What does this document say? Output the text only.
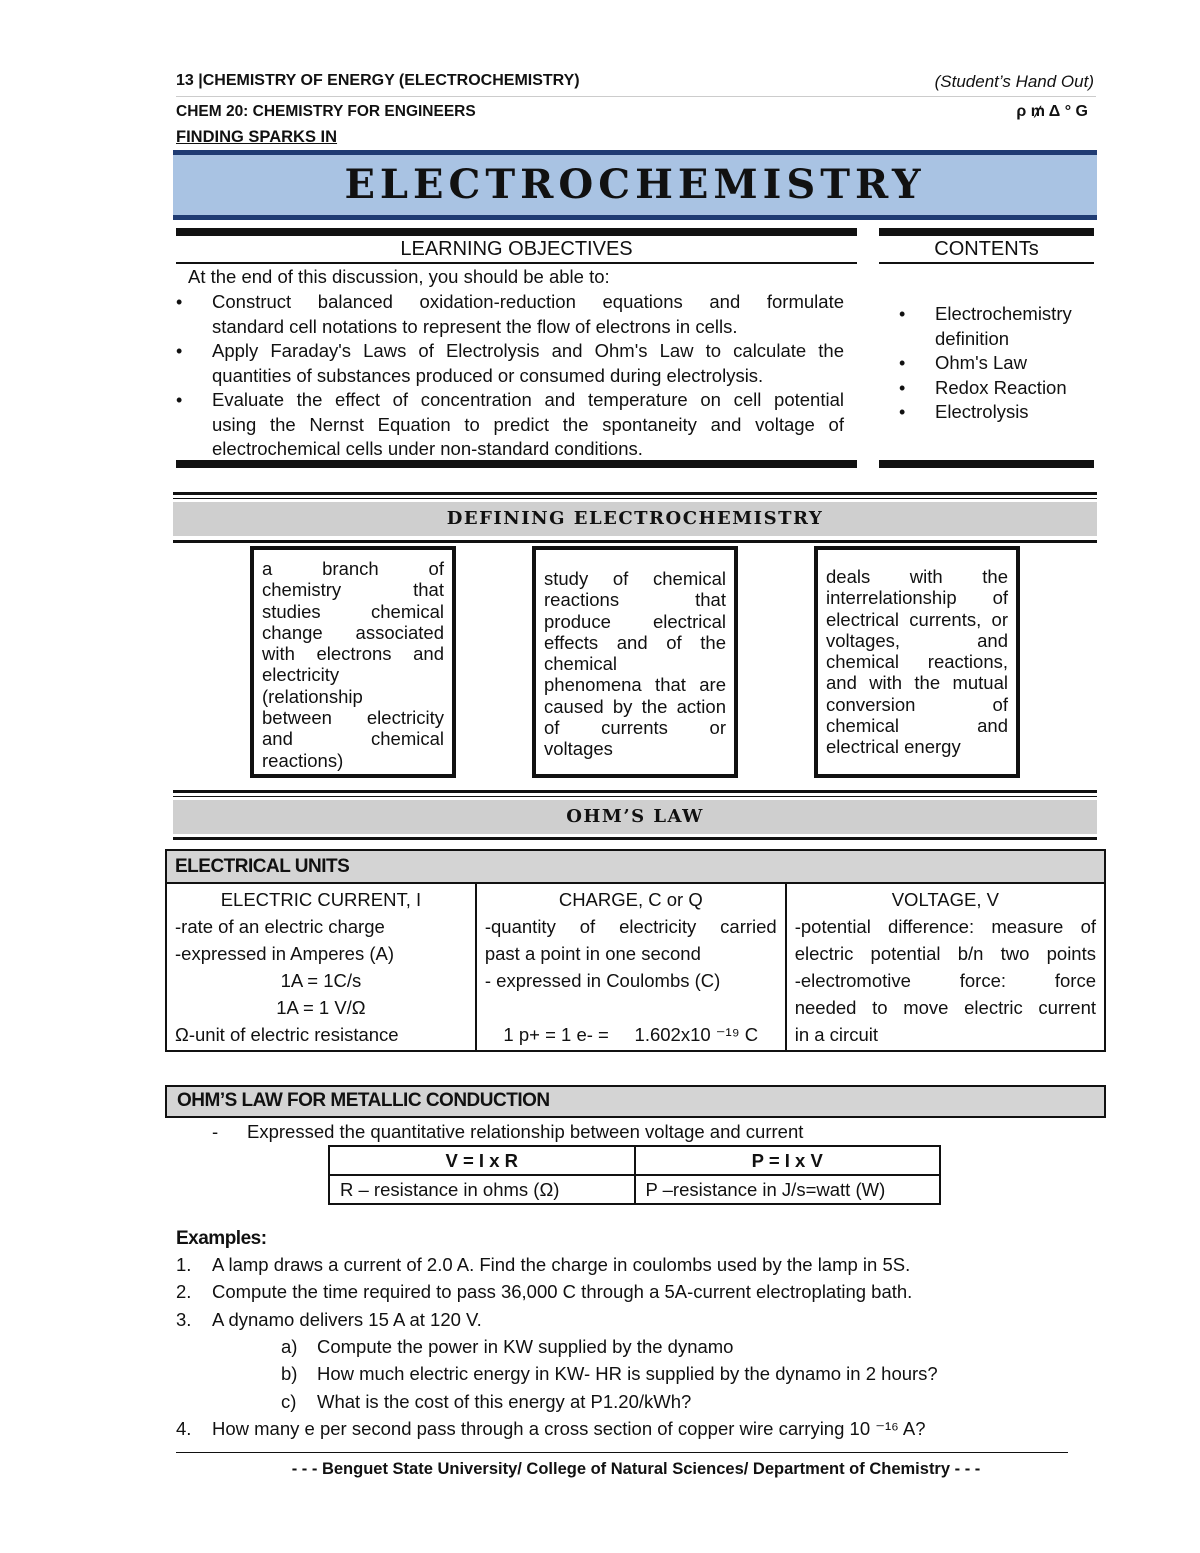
13 |CHEMISTRY OF ENERGY (ELECTROCHEMISTRY)	(Student’s Hand Out)
CHEM 20: CHEMISTRY FOR ENGINEERS	ρ ₥ Δ ° G
FINDING SPARKS IN
ELECTROCHEMISTRY
LEARNING OBJECTIVES
At the end of this discussion, you should be able to:
• Construct balanced oxidation-reduction equations and formulate
standard cell notations to represent the flow of electrons in cells.
• Apply Faraday's Laws of Electrolysis and Ohm's Law to calculate the
quantities of substances produced or consumed during electrolysis.
• Evaluate the effect of concentration and temperature on cell potential
using the Nernst Equation to predict the spontaneity and voltage of
electrochemical cells under non-standard conditions.
CONTENTs
• Electrochemistry
definition
• Ohm's Law
• Redox Reaction
• Electrolysis
DEFINING ELECTROCHEMISTRY
a branch of
chemistry that
studies chemical
change associated
with electrons and
electricity
(relationship
between electricity
and chemical
reactions)
study of chemical
reactions that
produce electrical
effects and of the
chemical
phenomena that are
caused by the action
of currents or
voltages
deals with the
interrelationship of
electrical currents, or
voltages, and
chemical reactions,
and with the mutual
conversion of
chemical and
electrical energy
OHM’S LAW
ELECTRICAL UNITS

ELECTRIC CURRENT, I
-rate of an electric charge
-expressed in Amperes (A)
1A = 1C/s
1A = 1 V/Ω
Ω-unit of electric resistance

CHARGE, C or Q
-quantity of electricity carried
past a point in one second
- expressed in Coulombs (C)
1 p+ = 1 e- =     1.602x10 ⁻¹⁹ C

VOLTAGE, V
-potential difference: measure of
electric potential b/n two points
-electromotive force: force
needed to move electric current
in a circuit
OHM’S LAW FOR METALLIC CONDUCTION
- Expressed the quantitative relationship between voltage and current
V = I x R	P = I x V
R – resistance in ohms (Ω)	P –resistance in J/s=watt (W)
Examples:
1. A lamp draws a current of 2.0 A. Find the charge in coulombs used by the lamp in 5S.
2. Compute the time required to pass 36,000 C through a 5A-current electroplating bath.
3. A dynamo delivers 15 A at 120 V.
a) Compute the power in KW supplied by the dynamo
b) How much electric energy in KW- HR is supplied by the dynamo in 2 hours?
c) What is the cost of this energy at P1.20/kWh?
4. How many e per second pass through a cross section of copper wire carrying 10 ⁻¹⁶ A?
- - - Benguet State University/ College of Natural Sciences/ Department of Chemistry - - -
